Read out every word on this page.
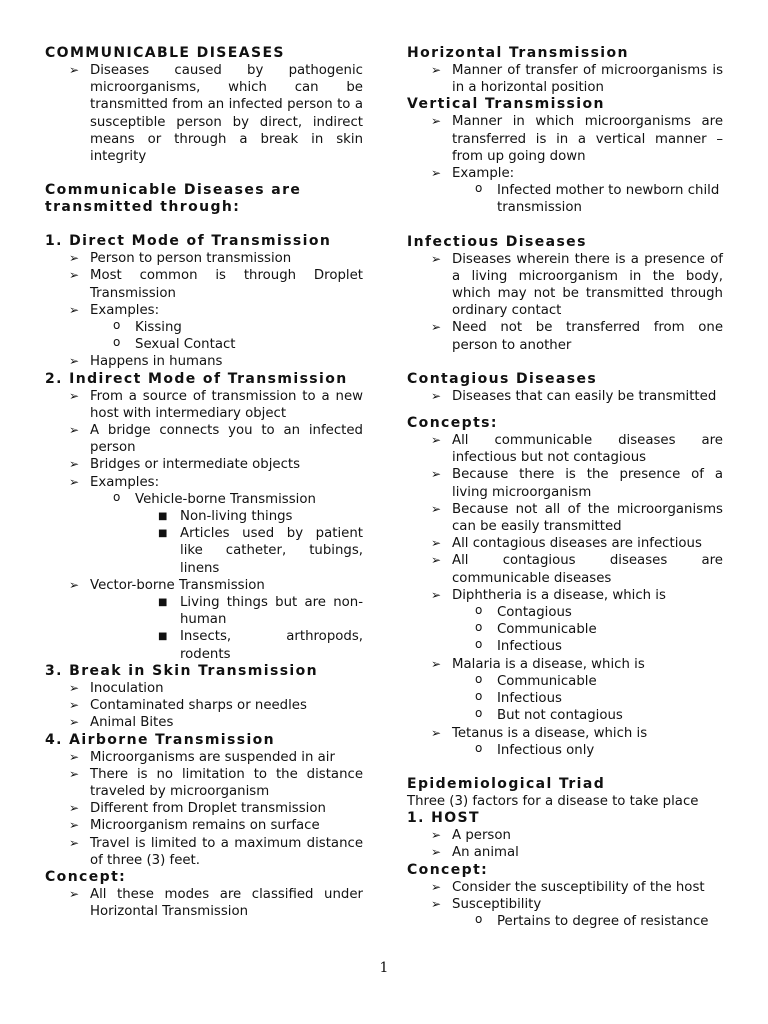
COMMUNICABLE DISEASES
➢ Diseases caused by pathogenic microorganisms, which can be transmitted from an infected person to a susceptible person by direct, indirect means or through a break in skin integrity
Communicable Diseases are transmitted through:
1. Direct Mode of Transmission
➢ Person to person transmission
➢ Most common is through Droplet Transmission
➢ Examples:
o Kissing
o Sexual Contact
➢ Happens in humans
2. Indirect Mode of Transmission
➢ From a source of transmission to a new host with intermediary object
➢ A bridge connects you to an infected person
➢ Bridges or intermediate objects
➢ Examples:
o Vehicle-borne Transmission
■ Non-living things
■ Articles used by patient like catheter, tubings, linens
➢ Vector-borne Transmission
■ Living things but are non-human
■ Insects, arthropods, rodents
3. Break in Skin Transmission
➢ Inoculation
➢ Contaminated sharps or needles
➢ Animal Bites
4. Airborne Transmission
➢ Microorganisms are suspended in air
➢ There is no limitation to the distance traveled by microorganism
➢ Different from Droplet transmission
➢ Microorganism remains on surface
➢ Travel is limited to a maximum distance of three (3) feet.
Concept:
➢ All these modes are classified under Horizontal Transmission
Horizontal Transmission
➢ Manner of transfer of microorganisms is in a horizontal position
Vertical Transmission
➢ Manner in which microorganisms are transferred is in a vertical manner – from up going down
➢ Example:
o Infected mother to newborn child transmission
Infectious Diseases
➢ Diseases wherein there is a presence of a living microorganism in the body, which may not be transmitted through ordinary contact
➢ Need not be transferred from one person to another
Contagious Diseases
➢ Diseases that can easily be transmitted
Concepts:
➢ All communicable diseases are infectious but not contagious
➢ Because there is the presence of a living microorganism
➢ Because not all of the microorganisms can be easily transmitted
➢ All contagious diseases are infectious
➢ All contagious diseases are communicable diseases
➢ Diphtheria is a disease, which is
o Contagious
o Communicable
o Infectious
➢ Malaria is a disease, which is
o Communicable
o Infectious
o But not contagious
➢ Tetanus is a disease, which is
o Infectious only
Epidemiological Triad
Three (3) factors for a disease to take place
1. HOST
➢ A person
➢ An animal
Concept:
➢ Consider the susceptibility of the host
➢ Susceptibility
o Pertains to degree of resistance
1
